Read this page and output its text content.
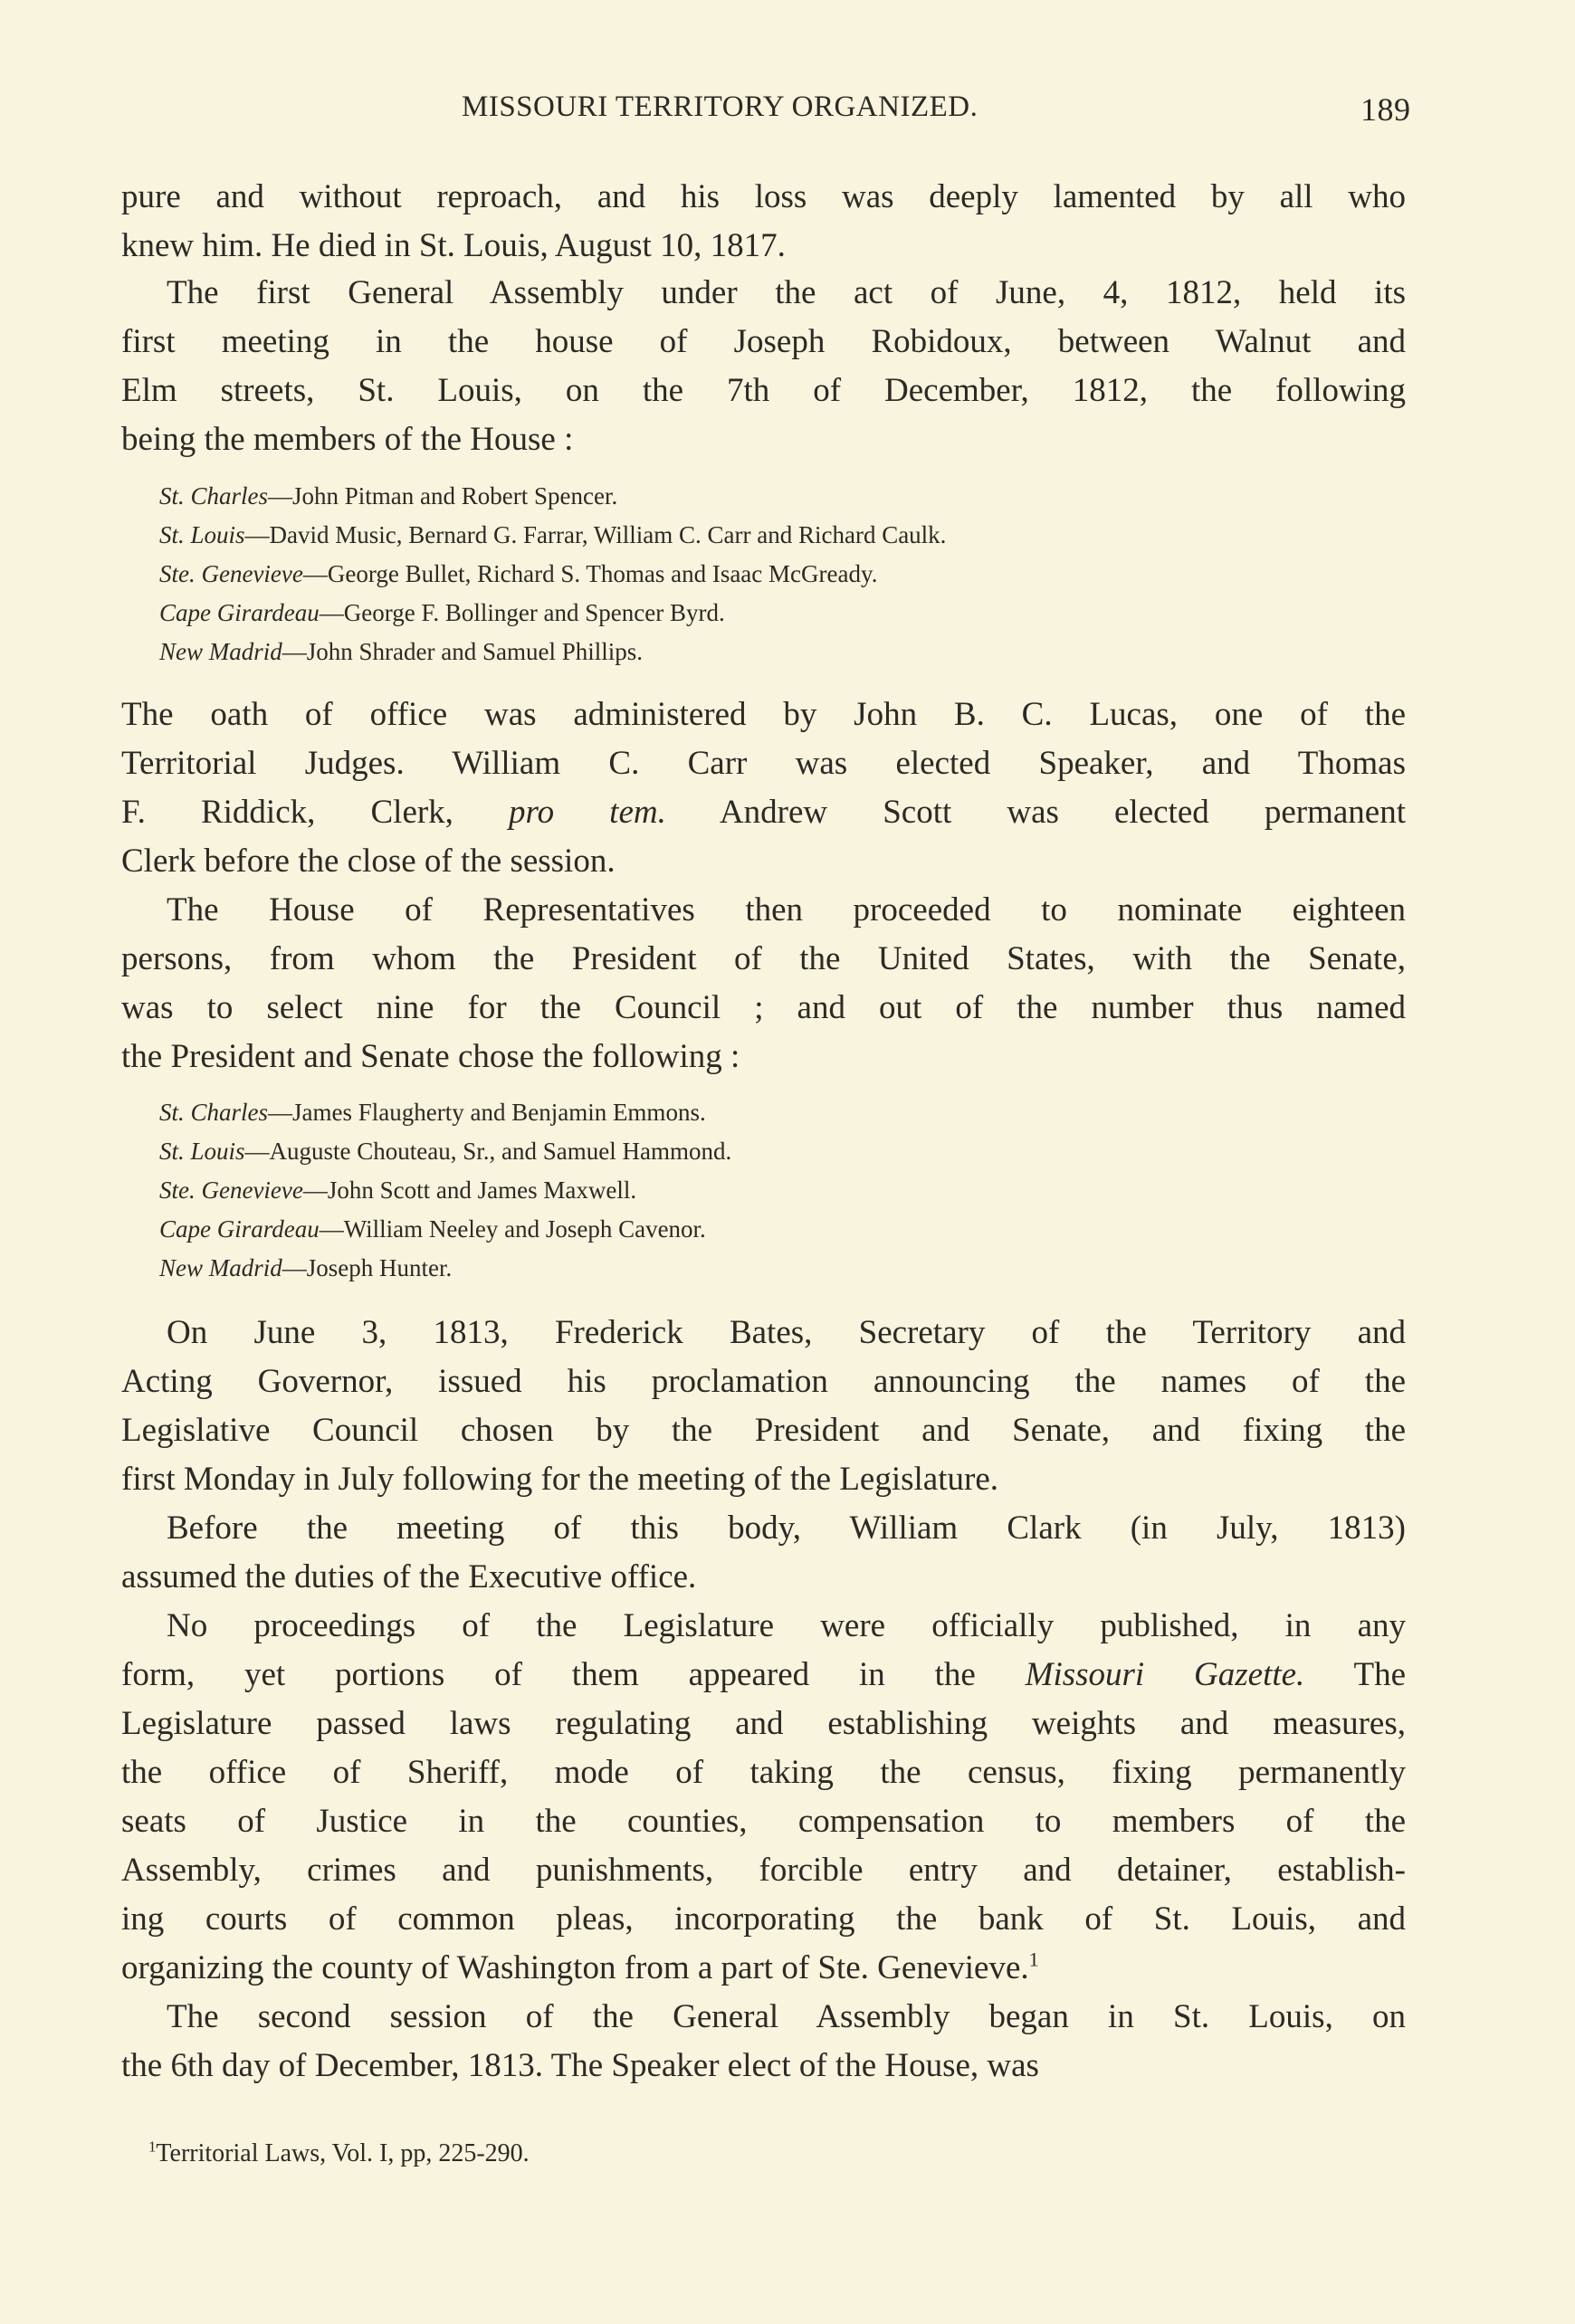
MISSOURI TERRITORY ORGANIZED.	189
pure and without reproach, and his loss was deeply lamented by all who
knew him. He died in St. Louis, August 10, 1817.
The first General Assembly under the act of June, 4, 1812, held its
first meeting in the house of Joseph Robidoux, between Walnut and
Elm streets, St. Louis, on the 7th of December, 1812, the following
being the members of the House :
St. Charles—John Pitman and Robert Spencer.
St. Louis—David Music, Bernard G. Farrar, William C. Carr and Richard Caulk.
Ste. Genevieve—George Bullet, Richard S. Thomas and Isaac McGready.
Cape Girardeau—George F. Bollinger and Spencer Byrd.
New Madrid—John Shrader and Samuel Phillips.
The oath of office was administered by John B. C. Lucas, one of the
Territorial Judges. William C. Carr was elected Speaker, and Thomas
F. Riddick, Clerk, pro tem. Andrew Scott was elected permanent
Clerk before the close of the session.
The House of Representatives then proceeded to nominate eighteen
persons, from whom the President of the United States, with the Senate,
was to select nine for the Council ; and out of the number thus named
the President and Senate chose the following :
St. Charles—James Flaugherty and Benjamin Emmons.
St. Louis—Auguste Chouteau, Sr., and Samuel Hammond.
Ste. Genevieve—John Scott and James Maxwell.
Cape Girardeau—William Neeley and Joseph Cavenor.
New Madrid—Joseph Hunter.
On June 3, 1813, Frederick Bates, Secretary of the Territory and
Acting Governor, issued his proclamation announcing the names of the
Legislative Council chosen by the President and Senate, and fixing the
first Monday in July following for the meeting of the Legislature.
Before the meeting of this body, William Clark (in July, 1813)
assumed the duties of the Executive office.
No proceedings of the Legislature were officially published, in any
form, yet portions of them appeared in the Missouri Gazette. The
Legislature passed laws regulating and establishing weights and measures,
the office of Sheriff, mode of taking the census, fixing permanently
seats of Justice in the counties, compensation to members of the
Assembly, crimes and punishments, forcible entry and detainer, establish-
ing courts of common pleas, incorporating the bank of St. Louis, and
organizing the county of Washington from a part of Ste. Genevieve.$^1$
The second session of the General Assembly began in St. Louis, on
the 6th day of December, 1813. The Speaker elect of the House, was
$^1$Territorial Laws, Vol. I, pp, 225-290.
